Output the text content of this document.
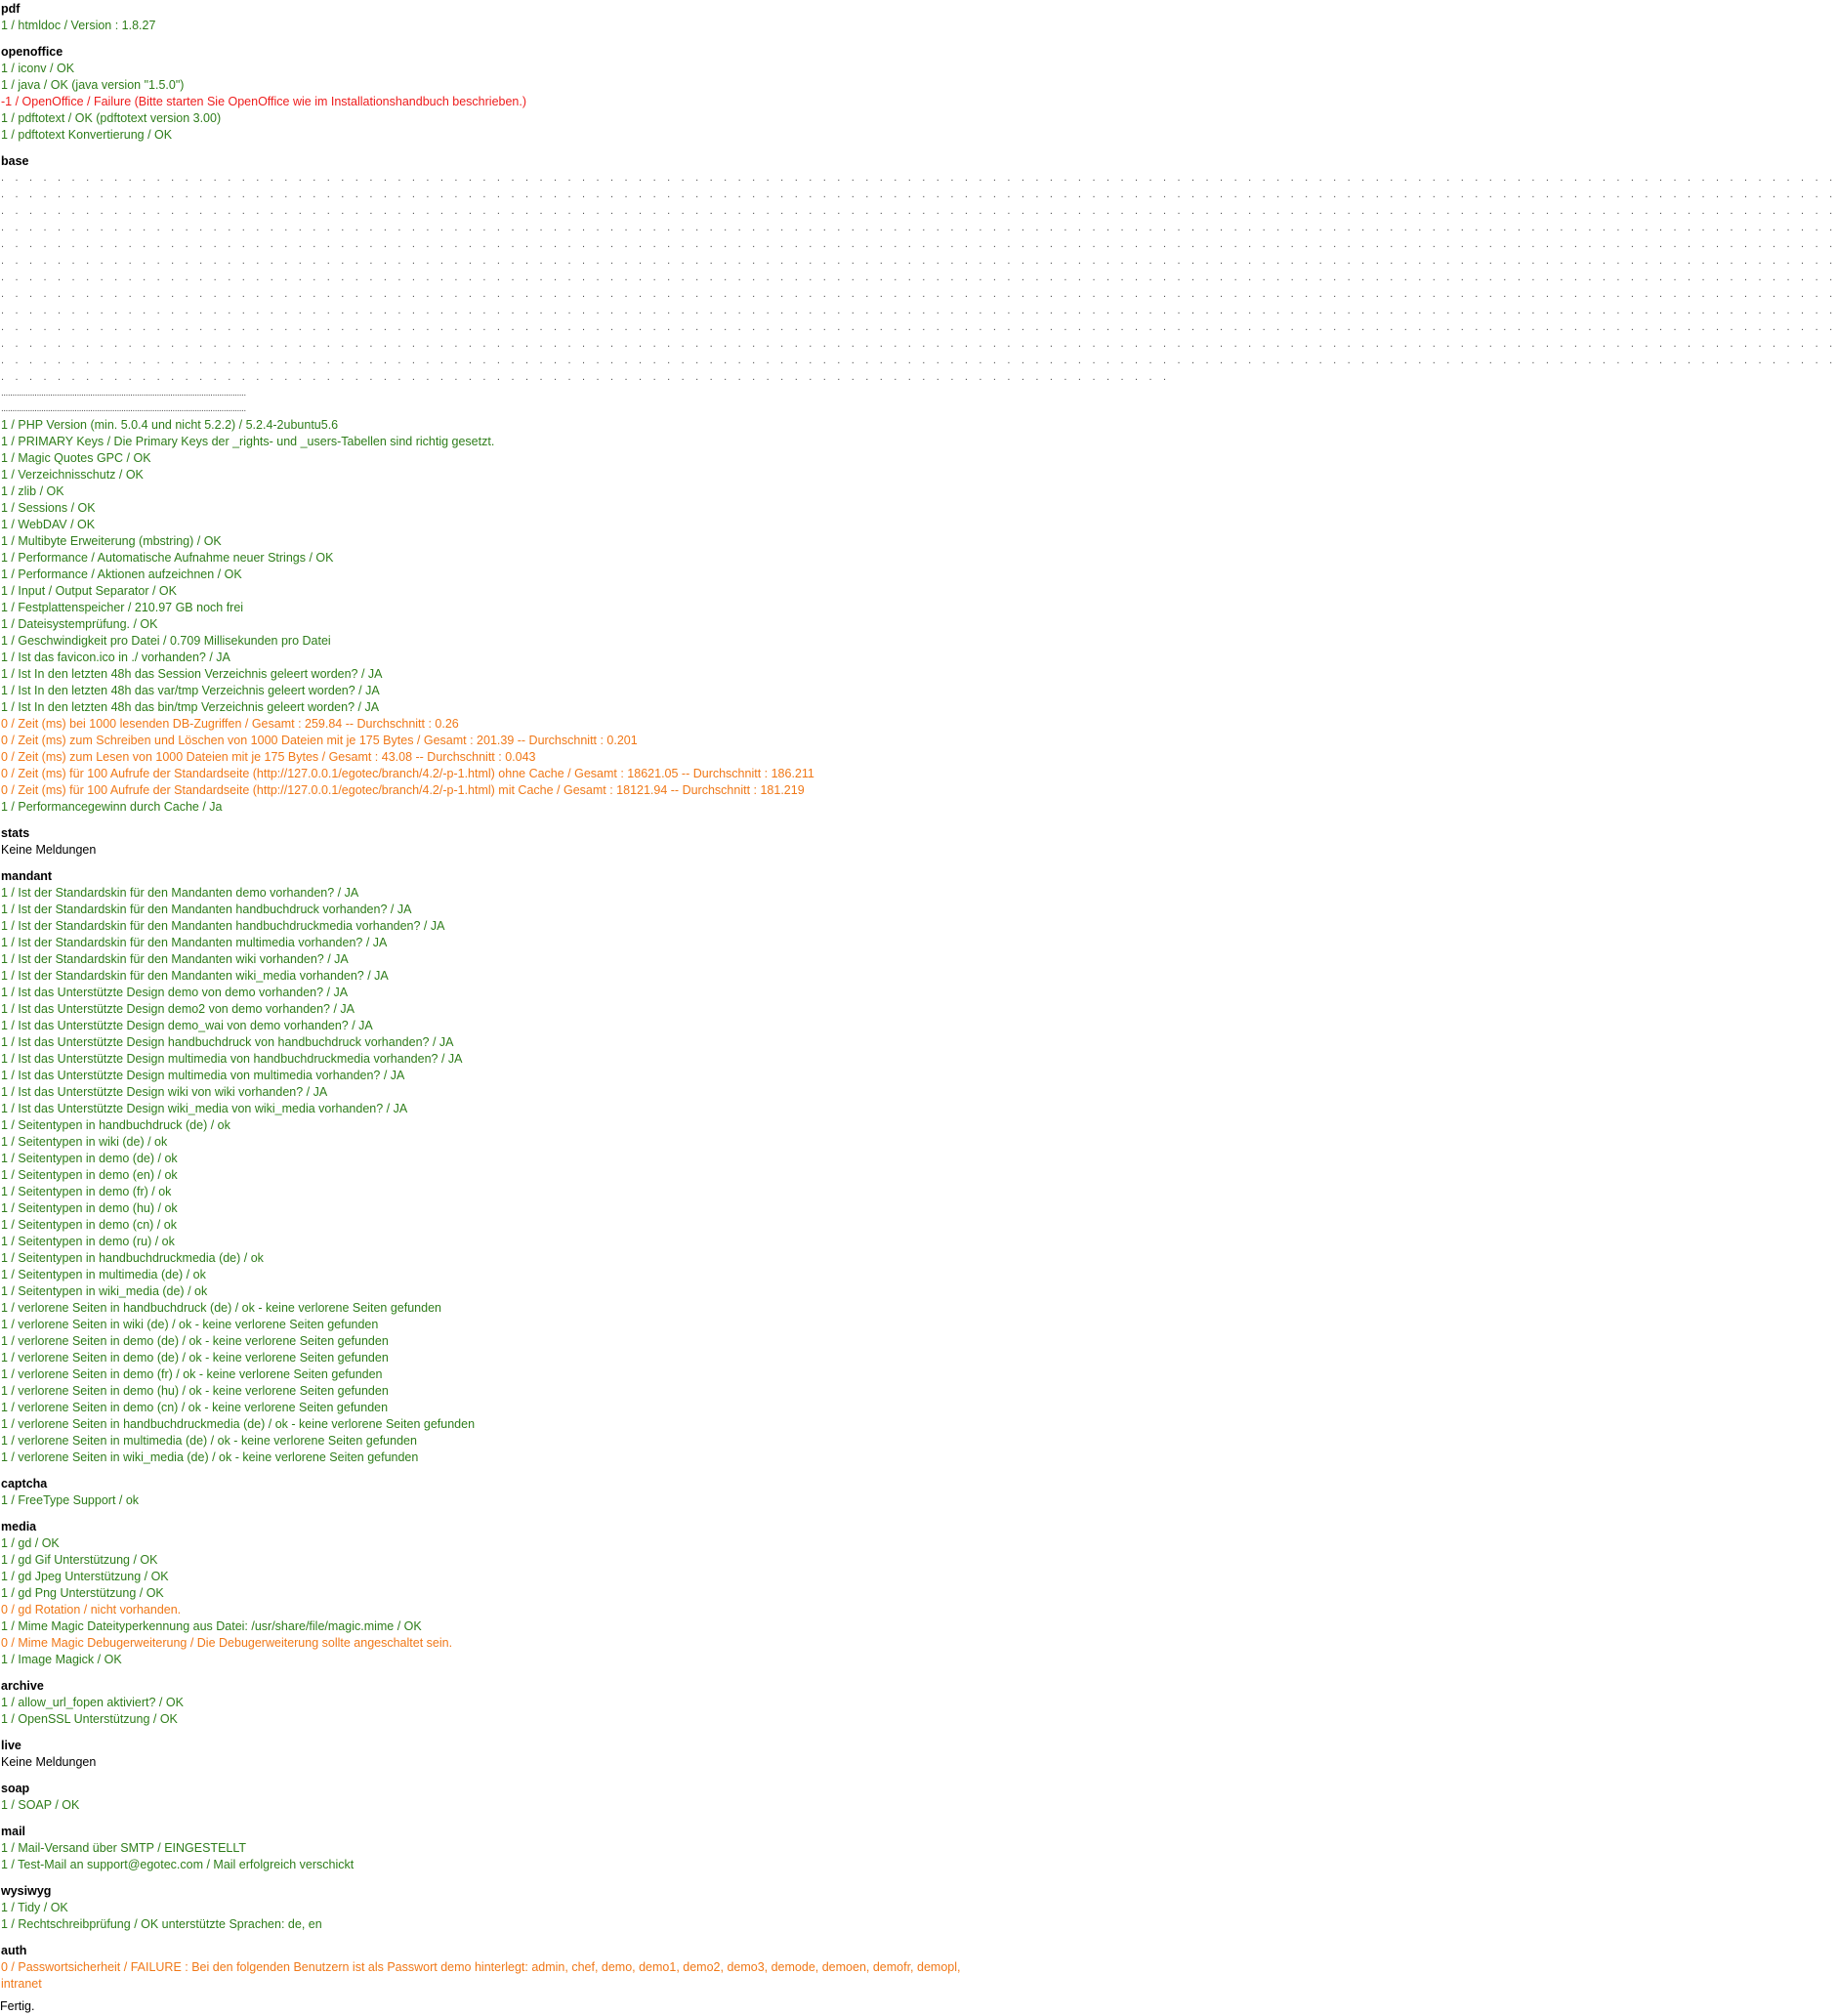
pdf
1 / htmldoc / Version : 1.8.27
openoffice
1 / iconv / OK
1 / java / OK (java version "1.5.0")
-1 / OpenOffice / Failure (Bitte starten Sie OpenOffice wie im Installationshandbuch beschrieben.)
1 / pdftotext / OK (pdftotext version 3.00)
1 / pdftotext Konvertierung / OK
base
. . . . . . . . . . . . . . . . . . . . . . . . . . . . . . . . . . . . . . . . . . . . . . . . . . . . . . . . . . . . . . . . . . . . . . . . . . . . . . . . . . . . . . . . . . . . . . . . . . . . . . . . . . . . . . . . . . . . . . . . . . . . . . . . . .
. . . . . . . . . . . . . . . . . . . . . . . . . . . . . . . . . . . . . . . . . . . . . . . . . . . . . . . . . . . . . . . . . . . . . . . . . . . . . . . . . . . . . . . . . . . . . . . . . . . . . . . . . . . . . . . . . . . . . . . . . . . . . . . . . .
. . . . . . . . . . . . . . . . . . . . . . . . . . . . . . . . . . . . . . . . . . . . . . . . . . . . . . . . . . . . . . . . . . . . . . . . . . . . . . . . . . . . . . . . . . . . . . . . . . . . . . . . . . . . . . . . . . . . . . . . . . . . . . . . . .
. . . . . . . . . . . . . . . . . . . . . . . . . . . . . . . . . . . . . . . . . . . . . . . . . . . . . . . . . . . . . . . . . . . . . . . . . . . . . . . . . . . . . . . . . . . . . . . . . . . . . . . . . . . . . . . . . . . . . . . . . . . . . . . . . .
. . . . . . . . . . . . . . . . . . . . . . . . . . . . . . . . . . . . . . . . . . . . . . . . . . . . . . . . . . . . . . . . . . . . . . . . . . . . . . . . . . . . . . . . . . . . . . . . . . . . . . . . . . . . . . . . . . . . . . . . . . . . . . . . . .
. . . . . . . . . . . . . . . . . . . . . . . . . . . . . . . . . . . . . . . . . . . . . . . . . . . . . . . . . . . . . . . . . . . . . . . . . . . . . . . . . . . . . . . . . . . . . . . . . . . . . . . . . . . . . . . . . . . . . . . . . . . . . . . . . .
. . . . . . . . . . . . . . . . . . . . . . . . . . . . . . . . . . . . . . . . . . . . . . . . . . . . . . . . . . . . . . . . . . . . . . . . . . . . . . . . . . . . . . . . . . . . . . . . . . . . . . . . . . . . . . . . . . . . . . . . . . . . . . . . . .
. . . . . . . . . . . . . . . . . . . . . . . . . . . . . . . . . . . . . . . . . . . . . . . . . . . . . . . . . . . . . . . . . . . . . . . . . . . . . . . . . . . . . . . . . . . . . . . . . . . . . . . . . . . . . . . . . . . . . . . . . . . . . . . . . .
. . . . . . . . . . . . . . . . . . . . . . . . . . . . . . . . . . . . . . . . . . . . . . . . . . . . . . . . . . . . . . . . . . . . . . . . . . . . . . . . . . . . . . . . . . . . . . . . . . . . . . . . . . . . . . . . . . . . . . . . . . . . . . . . . .
. . . . . . . . . . . . . . . . . . . . . . . . . . . . . . . . . . . . . . . . . . . . . . . . . . . . . . . . . . . . . . . . . . . . . . . . . . . . . . . . . . . . . . . . . . . . . . . . . . . . . . . . . . . . . . . . . . . . . . . . . . . . . . . . . .
. . . . . . . . . . . . . . . . . . . . . . . . . . . . . . . . . . . . . . . . . . . . . . . . . . . . . . . . . . . . . . . . . . . . . . . . . . . . . . . . . . . . . . . . . . . . . . . . . . . . . . . . . . . . . . . . . . . . . . . . . . . . . . . . . .
. . . . . . . . . . . . . . . . . . . . . . . . . . . . . . . . . . . . . . . . . . . . . . . . . . . . . . . . . . . . . . . . . . . . . . . . . . . . . . . . . . . . . . . . . . . . . . . . . . . . . . . . . . . . . . . . . . . . . . . . . . . . . . . . . .
. . . . . . . . . . . . . . . . . . . . . . . . . . . . . . . . . . . . . . . . . . . . . . . . . . . . . . . . . . . . . . . . . . . . . . . . . . . . . . . . . . .
..............................................................................................................
..............................................................................................................
1 / PHP Version (min. 5.0.4 und nicht 5.2.2) / 5.2.4-2ubuntu5.6
1 / PRIMARY Keys / Die Primary Keys der _rights- und _users-Tabellen sind richtig gesetzt.
1 / Magic Quotes GPC / OK
1 / Verzeichnisschutz / OK
1 / zlib / OK
1 / Sessions / OK
1 / WebDAV / OK
1 / Multibyte Erweiterung (mbstring) / OK
1 / Performance / Automatische Aufnahme neuer Strings / OK
1 / Performance / Aktionen aufzeichnen / OK
1 / Input / Output Separator / OK
1 / Festplattenspeicher / 210.97 GB noch frei
1 / Dateisystemprüfung. / OK
1 / Geschwindigkeit pro Datei / 0.709 Millisekunden pro Datei
1 / Ist das favicon.ico in ./ vorhanden? / JA
1 / Ist In den letzten 48h das Session Verzeichnis geleert worden? / JA
1 / Ist In den letzten 48h das var/tmp Verzeichnis geleert worden? / JA
1 / Ist In den letzten 48h das bin/tmp Verzeichnis geleert worden? / JA
0 / Zeit (ms) bei 1000 lesenden DB-Zugriffen / Gesamt : 259.84 -- Durchschnitt : 0.26
0 / Zeit (ms) zum Schreiben und Löschen von 1000 Dateien mit je 175 Bytes / Gesamt : 201.39 -- Durchschnitt : 0.201
0 / Zeit (ms) zum Lesen von 1000 Dateien mit je 175 Bytes / Gesamt : 43.08 -- Durchschnitt : 0.043
0 / Zeit (ms) für 100 Aufrufe der Standardseite (http://127.0.0.1/egotec/branch/4.2/-p-1.html) ohne Cache / Gesamt : 18621.05 -- Durchschnitt : 186.211
0 / Zeit (ms) für 100 Aufrufe der Standardseite (http://127.0.0.1/egotec/branch/4.2/-p-1.html) mit Cache / Gesamt : 18121.94 -- Durchschnitt : 181.219
1 / Performancegewinn durch Cache / Ja
stats
Keine Meldungen
mandant
1 / Ist der Standardskin für den Mandanten demo vorhanden? / JA
1 / Ist der Standardskin für den Mandanten handbuchdruck vorhanden? / JA
1 / Ist der Standardskin für den Mandanten handbuchdruckmedia vorhanden? / JA
1 / Ist der Standardskin für den Mandanten multimedia vorhanden? / JA
1 / Ist der Standardskin für den Mandanten wiki vorhanden? / JA
1 / Ist der Standardskin für den Mandanten wiki_media vorhanden? / JA
1 / Ist das Unterstützte Design demo von demo vorhanden? / JA
1 / Ist das Unterstützte Design demo2 von demo vorhanden? / JA
1 / Ist das Unterstützte Design demo_wai von demo vorhanden? / JA
1 / Ist das Unterstützte Design handbuchdruck von handbuchdruck vorhanden? / JA
1 / Ist das Unterstützte Design multimedia von handbuchdruckmedia vorhanden? / JA
1 / Ist das Unterstützte Design multimedia von multimedia vorhanden? / JA
1 / Ist das Unterstützte Design wiki von wiki vorhanden? / JA
1 / Ist das Unterstützte Design wiki_media von wiki_media vorhanden? / JA
1 / Seitentypen in handbuchdruck (de) / ok
1 / Seitentypen in wiki (de) / ok
1 / Seitentypen in demo (de) / ok
1 / Seitentypen in demo (en) / ok
1 / Seitentypen in demo (fr) / ok
1 / Seitentypen in demo (hu) / ok
1 / Seitentypen in demo (cn) / ok
1 / Seitentypen in demo (ru) / ok
1 / Seitentypen in handbuchdruckmedia (de) / ok
1 / Seitentypen in multimedia (de) / ok
1 / Seitentypen in wiki_media (de) / ok
1 / verlorene Seiten in handbuchdruck (de) / ok - keine verlorene Seiten gefunden
1 / verlorene Seiten in wiki (de) / ok - keine verlorene Seiten gefunden
1 / verlorene Seiten in demo (de) / ok - keine verlorene Seiten gefunden
1 / verlorene Seiten in demo (de) / ok - keine verlorene Seiten gefunden
1 / verlorene Seiten in demo (fr) / ok - keine verlorene Seiten gefunden
1 / verlorene Seiten in demo (hu) / ok - keine verlorene Seiten gefunden
1 / verlorene Seiten in demo (cn) / ok - keine verlorene Seiten gefunden
1 / verlorene Seiten in handbuchdruckmedia (de) / ok - keine verlorene Seiten gefunden
1 / verlorene Seiten in multimedia (de) / ok - keine verlorene Seiten gefunden
1 / verlorene Seiten in wiki_media (de) / ok - keine verlorene Seiten gefunden
captcha
1 / FreeType Support / ok
media
1 / gd / OK
1 / gd Gif Unterstützung / OK
1 / gd Jpeg Unterstützung / OK
1 / gd Png Unterstützung / OK
0 / gd Rotation / nicht vorhanden.
1 / Mime Magic Dateityperkennung aus Datei: /usr/share/file/magic.mime / OK
0 / Mime Magic Debugerweiterung / Die Debugerweiterung sollte angeschaltet sein.
1 / Image Magick / OK
archive
1 / allow_url_fopen aktiviert? / OK
1 / OpenSSL Unterstützung / OK
live
Keine Meldungen
soap
1 / SOAP / OK
mail
1 / Mail-Versand über SMTP / EINGESTELLT
1 / Test-Mail an support@egotec.com / Mail erfolgreich verschickt
wysiwyg
1 / Tidy / OK
1 / Rechtschreibprüfung / OK unterstützte Sprachen: de, en
auth
0 / Passwortsicherheit / FAILURE : Bei den folgenden Benutzern ist als Passwort demo hinterlegt: admin, chef, demo, demo1, demo2, demo3, demode, demoen, demofr, demopl, intranet
Fertig.
